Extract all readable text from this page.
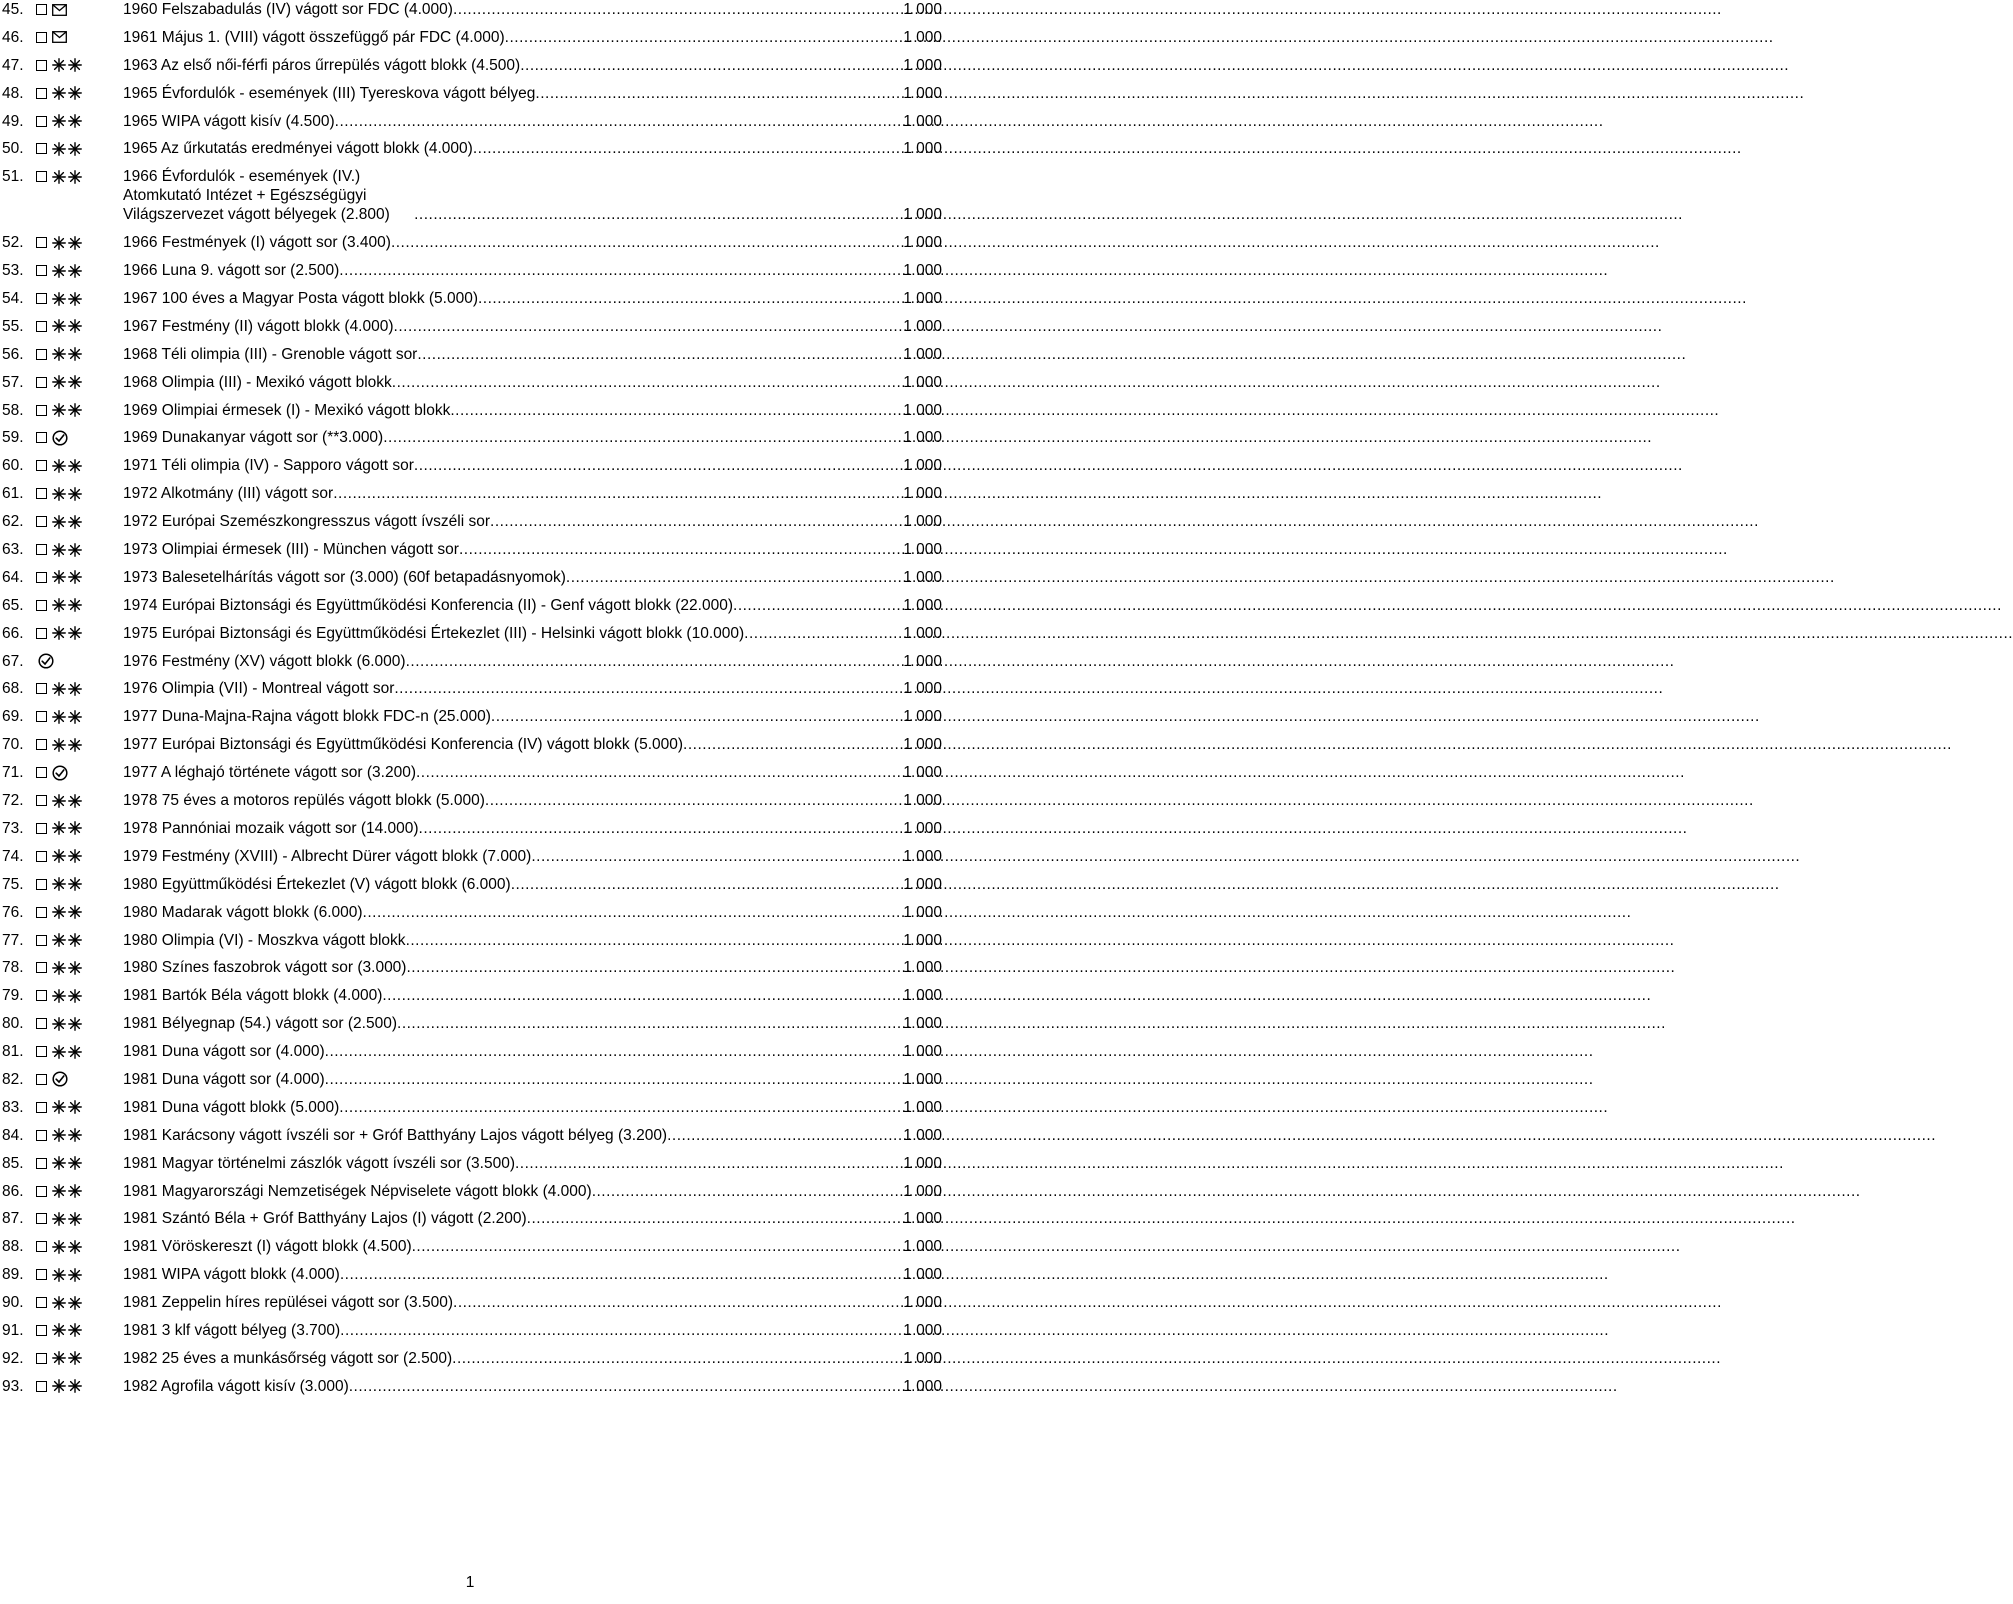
45.	1960 Felszabadulás (IV) vágott sor FDC (4.000) .....	1 000
46.	1961 Május 1. (VIII) vágott összefüggő pár FDC (4.000) .....	1 000
47.	1963 Az első női-férfi páros űrrepülés vágott blokk (4.500) .....	1 000
48.	1965 Évfordulók - események (III) Tyereskova vágott bélyeg .....	1 000
49.	1965 WIPA vágott kisív (4.500) .....	1 000
50.	1965 Az űrkutatás eredményei vágott blokk (4.000) .....	1 000
51.	1966 Évfordulók - események (IV.) Atomkutató Intézet + Egészségügyi Világszervezet vágott bélyegek (2.800) .....	1 000
52.	1966 Festmények (I) vágott sor (3.400) .....	1 000
53.	1966 Luna 9. vágott sor (2.500) .....	1 000
54.	1967 100 éves a Magyar Posta vágott blokk (5.000) .....	1 000
55.	1967 Festmény (II) vágott blokk (4.000) .....	1 000
56.	1968 Téli olimpia (III) - Grenoble vágott sor .....	1 000
57.	1968 Olimpia (III) - Mexikó vágott blokk .....	1 000
58.	1969 Olimpiai érmesek (I) - Mexikó vágott blokk .....	1 000
59.	1969 Dunakanyar vágott sor (**3.000) .....	1 000
60.	1971 Téli olimpia (IV) - Sapporo vágott sor .....	1 000
61.	1972 Alkotmány (III) vágott sor .....	1 000
62.	1972 Európai Szemészkongresszus vágott ívszéli sor .....	1 000
63.	1973 Olimpiai érmesek (III) - München vágott sor .....	1 000
64.	1973 Balesetelhárítás vágott sor (3.000) (60f betapadásnyomok) .....	1 000
65.	1974 Európai Biztonsági és Együttműködési Konferencia (II) - Genf vágott blokk (22.000) .....	1 000
66.	1975 Európai Biztonsági és Együttműködési Értekezlet (III) - Helsinki vágott blokk (10.000) .....	1 000
67.	1976 Festmény (XV) vágott blokk (6.000) .....	1 000
68.	1976 Olimpia (VII) - Montreal vágott sor .....	1 000
69.	1977 Duna-Majna-Rajna vágott blokk FDC-n (25.000) .....	1 000
70.	1977 Európai Biztonsági és Együttműködési Konferencia (IV) vágott blokk (5.000) .....	1 000
71.	1977 A léghajó története vágott sor (3.200) .....	1 000
72.	1978 75 éves a motoros repülés vágott blokk (5.000) .....	1 000
73.	1978 Pannóniai mozaik vágott sor (14.000) .....	1 000
74.	1979 Festmény (XVIII) - Albrecht Dürer vágott blokk (7.000) .....	1 000
75.	1980 Együttműködési Értekezlet (V) vágott blokk (6.000) .....	1 000
76.	1980 Madarak vágott blokk (6.000) .....	1 000
77.	1980 Olimpia (VI) - Moszkva vágott blokk .....	1 000
78.	1980 Színes faszobrok vágott sor (3.000) .....	1 000
79.	1981 Bartók Béla vágott blokk (4.000) .....	1 000
80.	1981 Bélyegnap (54.) vágott sor (2.500) .....	1 000
81.	1981 Duna vágott sor (4.000) .....	1 000
82.	1981 Duna vágott sor (4.000) .....	1 000
83.	1981 Duna vágott blokk (5.000) .....	1 000
84.	1981 Karácsony vágott ívszéli sor + Gróf Batthyány Lajos vágott bélyeg (3.200) .....	1 000
85.	1981 Magyar történelmi zászlók vágott ívszéli sor (3.500) .....	1 000
86.	1981 Magyarországi Nemzetiségek Népviselete vágott blokk (4.000) .....	1 000
87.	1981 Szántó Béla + Gróf Batthyány Lajos (I) vágott (2.200) .....	1 000
88.	1981 Vöröskereszt (I) vágott blokk (4.500) .....	1 000
89.	1981 WIPA vágott blokk (4.000) .....	1 000
90.	1981 Zeppelin híres repülései vágott sor (3.500) .....	1 000
91.	1981 3 klf vágott bélyeg (3.700) .....	1 000
92.	1982 25 éves a munkásőrség vágott sor (2.500) .....	1 000
93.	1982 Agrofila vágott kisív (3.000) .....	1 000
1
